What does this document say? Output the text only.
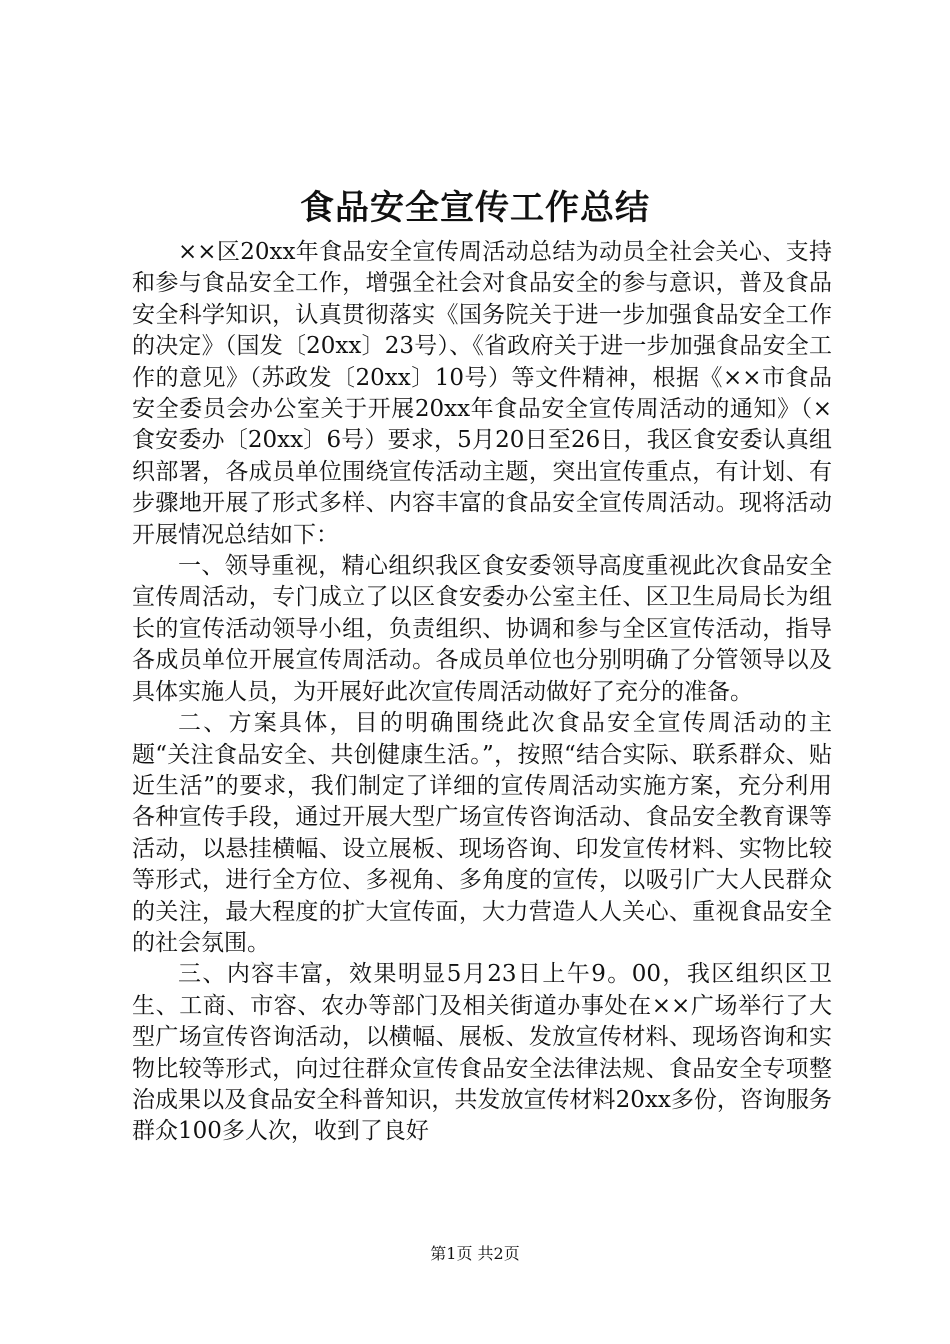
食品安全宣传工作总结

××区20xx年食品安全宣传周活动总结为动员全社会关心、支持和参与食品安全工作，增强全社会对食品安全的参与意识，普及食品安全科学知识，认真贯彻落实《国务院关于进一步加强食品安全工作的决定》（国发〔20xx〕23号）、《省政府关于进一步加强食品安全工作的意见》（苏政发〔20xx〕10号）等文件精神，根据《××市食品安全委员会办公室关于开展20xx年食品安全宣传周活动的通知》（×食安委办〔20xx〕6号）要求，5月20日至26日，我区食安委认真组织部署，各成员单位围绕宣传活动主题，突出宣传重点，有计划、有步骤地开展了形式多样、内容丰富的食品安全宣传周活动。现将活动开展情况总结如下：

一、领导重视，精心组织我区食安委领导高度重视此次食品安全宣传周活动，专门成立了以区食安委办公室主任、区卫生局局长为组长的宣传活动领导小组，负责组织、协调和参与全区宣传活动，指导各成员单位开展宣传周活动。各成员单位也分别明确了分管领导以及具体实施人员，为开展好此次宣传周活动做好了充分的准备。

二、方案具体，目的明确围绕此次食品安全宣传周活动的主题“关注食品安全、共创健康生活。”，按照“结合实际、联系群众、贴近生活”的要求，我们制定了详细的宣传周活动实施方案，充分利用各种宣传手段，通过开展大型广场宣传咨询活动、食品安全教育课等活动，以悬挂横幅、设立展板、现场咨询、印发宣传材料、实物比较等形式，进行全方位、多视角、多角度的宣传，以吸引广大人民群众的关注，最大程度的扩大宣传面，大力营造人人关心、重视食品安全的社会氛围。

三、内容丰富，效果明显5月23日上午9。00，我区组织区卫生、工商、市容、农办等部门及相关街道办事处在××广场举行了大型广场宣传咨询活动，以横幅、展板、发放宣传材料、现场咨询和实物比较等形式，向过往群众宣传食品安全法律法规、食品安全专项整治成果以及食品安全科普知识，共发放宣传材料20xx多份，咨询服务群众100多人次，收到了良好

第1页 共2页
